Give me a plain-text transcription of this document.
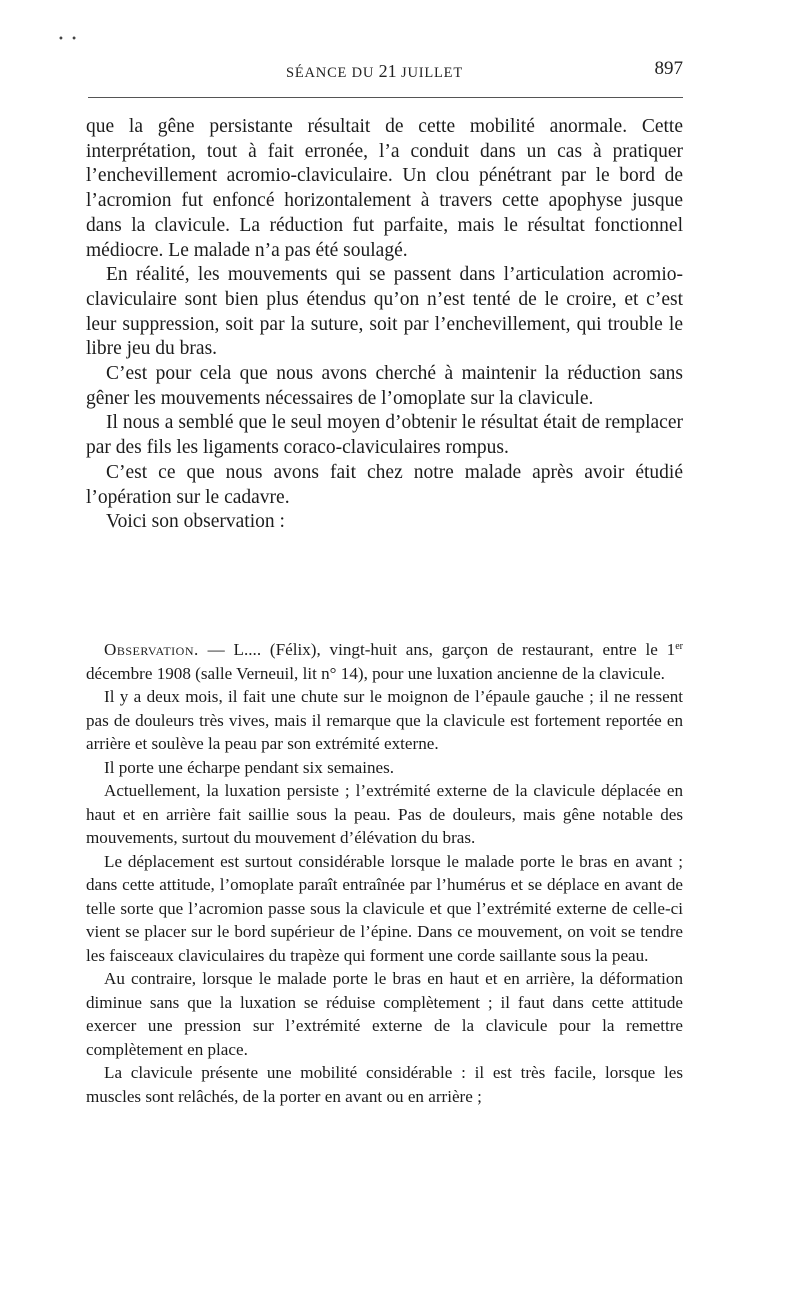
• •
SÉANCE DU 21 JUILLET	897

que la gêne persistante résultait de cette mobilité anormale. Cette interprétation, tout à fait erronée, l’a conduit dans un cas à pratiquer l’enchevillement acromio-claviculaire. Un clou pénétrant par le bord de l’acromion fut enfoncé horizontalement à travers cette apophyse jusque dans la clavicule. La réduction fut parfaite, mais le résultat fonctionnel médiocre. Le malade n’a pas été soulagé.

En réalité, les mouvements qui se passent dans l’articulation acromio-claviculaire sont bien plus étendus qu’on n’est tenté de le croire, et c’est leur suppression, soit par la suture, soit par l’enchevillement, qui trouble le libre jeu du bras.

C’est pour cela que nous avons cherché à maintenir la réduction sans gêner les mouvements nécessaires de l’omoplate sur la clavicule.

Il nous a semblé que le seul moyen d’obtenir le résultat était de remplacer par des fils les ligaments coraco-claviculaires rompus.

C’est ce que nous avons fait chez notre malade après avoir étudié l’opération sur le cadavre.

Voici son observation :

Observation. — L.... (Félix), vingt-huit ans, garçon de restaurant, entre le 1er décembre 1908 (salle Verneuil, lit n° 14), pour une luxation ancienne de la clavicule.

Il y a deux mois, il fait une chute sur le moignon de l’épaule gauche ; il ne ressent pas de douleurs très vives, mais il remarque que la clavicule est fortement reportée en arrière et soulève la peau par son extrémité externe.

Il porte une écharpe pendant six semaines.

Actuellement, la luxation persiste ; l’extrémité externe de la clavicule déplacée en haut et en arrière fait saillie sous la peau. Pas de douleurs, mais gêne notable des mouvements, surtout du mouvement d’élévation du bras.

Le déplacement est surtout considérable lorsque le malade porte le bras en avant ; dans cette attitude, l’omoplate paraît entraînée par l’humérus et se déplace en avant de telle sorte que l’acromion passe sous la clavicule et que l’extrémité externe de celle-ci vient se placer sur le bord supérieur de l’épine. Dans ce mouvement, on voit se tendre les faisceaux claviculaires du trapèze qui forment une corde saillante sous la peau.

Au contraire, lorsque le malade porte le bras en haut et en arrière, la déformation diminue sans que la luxation se réduise complètement ; il faut dans cette attitude exercer une pression sur l’extrémité externe de la clavicule pour la remettre complètement en place.

La clavicule présente une mobilité considérable : il est très facile, lorsque les muscles sont relâchés, de la porter en avant ou en arrière ;
